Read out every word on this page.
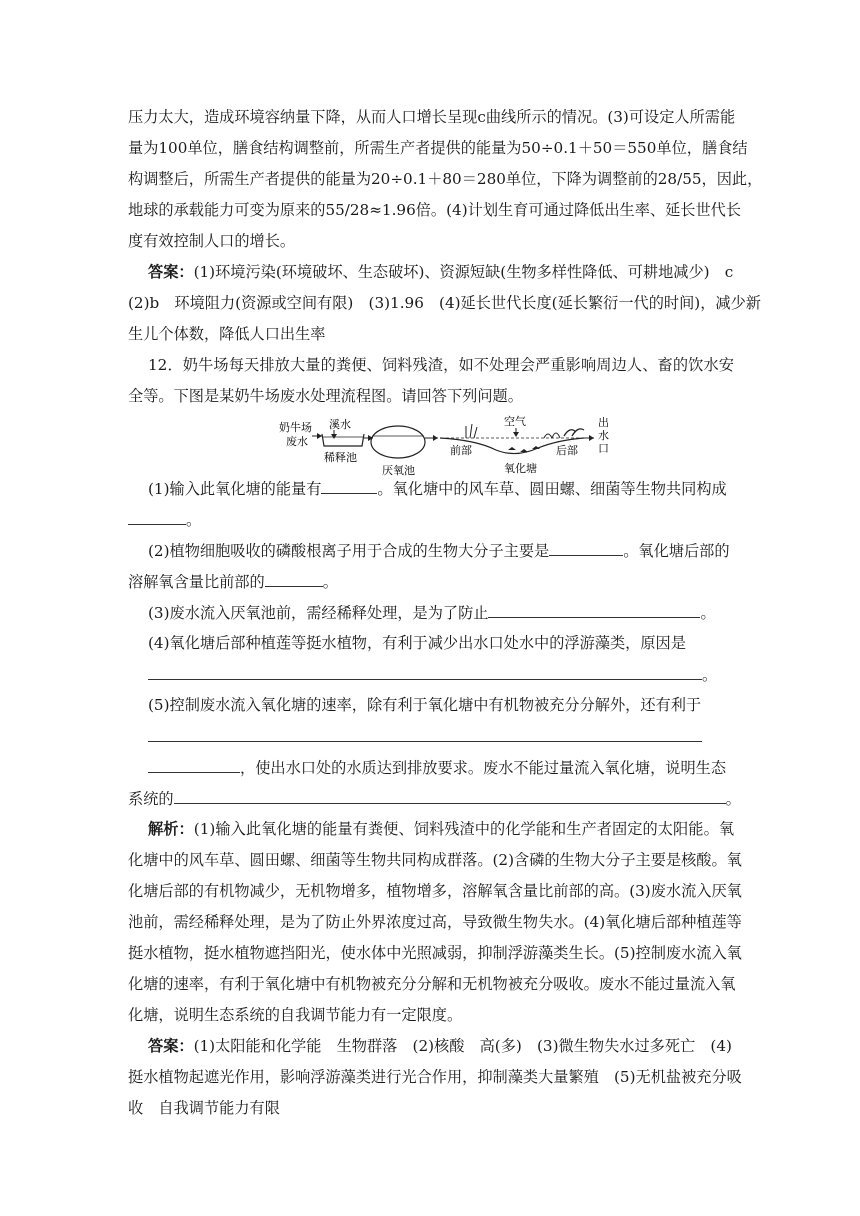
压力太大，造成环境容纳量下降，从而人口增长呈现c曲线所示的情况。(3)可设定人所需能
量为100单位，膳食结构调整前，所需生产者提供的能量为50÷0.1＋50＝550单位，膳食结
构调整后，所需生产者提供的能量为20÷0.1＋80＝280单位，下降为调整前的28/55，因此，
地球的承载能力可变为原来的55/28≈1.96倍。(4)计划生育可通过降低出生率、延长世代长
度有效控制人口的增长。
答案：(1)环境污染(环境破坏、生态破坏)、资源短缺(生物多样性降低、可耕地减少)　c
(2)b　环境阻力(资源或空间有限)　(3)1.96　(4)延长世代长度(延长繁衍一代的时间)，减少新
生儿个体数，降低人口出生率
12．奶牛场每天排放大量的粪便、饲料残渣，如不处理会严重影响周边人、畜的饮水安
全等。下图是某奶牛场废水处理流程图。请回答下列问题。
奶牛场
废水
溪水
稀释池
厌氧池
空气
前部	后部
氧化塘
出
水
口
(1)输入此氧化塘的能量有	。氧化塘中的风车草、圆田螺、细菌等生物共同构成
。
(2)植物细胞吸收的磷酸根离子用于合成的生物大分子主要是	。氧化塘后部的
溶解氧含量比前部的	。
(3)废水流入厌氧池前，需经稀释处理，是为了防止	。
(4)氧化塘后部种植莲等挺水植物，有利于减少出水口处水中的浮游藻类，原因是
。
(5)控制废水流入氧化塘的速率，除有利于氧化塘中有机物被充分分解外，还有利于
，使出水口处的水质达到排放要求。废水不能过量流入氧化塘，说明生态
系统的	。
解析：(1)输入此氧化塘的能量有粪便、饲料残渣中的化学能和生产者固定的太阳能。氧
化塘中的风车草、圆田螺、细菌等生物共同构成群落。(2)含磷的生物大分子主要是核酸。氧
化塘后部的有机物减少，无机物增多，植物增多，溶解氧含量比前部的高。(3)废水流入厌氧
池前，需经稀释处理，是为了防止外界浓度过高，导致微生物失水。(4)氧化塘后部种植莲等
挺水植物，挺水植物遮挡阳光，使水体中光照减弱，抑制浮游藻类生长。(5)控制废水流入氧
化塘的速率，有利于氧化塘中有机物被充分分解和无机物被充分吸收。废水不能过量流入氧
化塘，说明生态系统的自我调节能力有一定限度。
答案：(1)太阳能和化学能　生物群落　(2)核酸　高(多)　(3)微生物失水过多死亡　(4)
挺水植物起遮光作用，影响浮游藻类进行光合作用，抑制藻类大量繁殖　(5)无机盐被充分吸
收　自我调节能力有限
